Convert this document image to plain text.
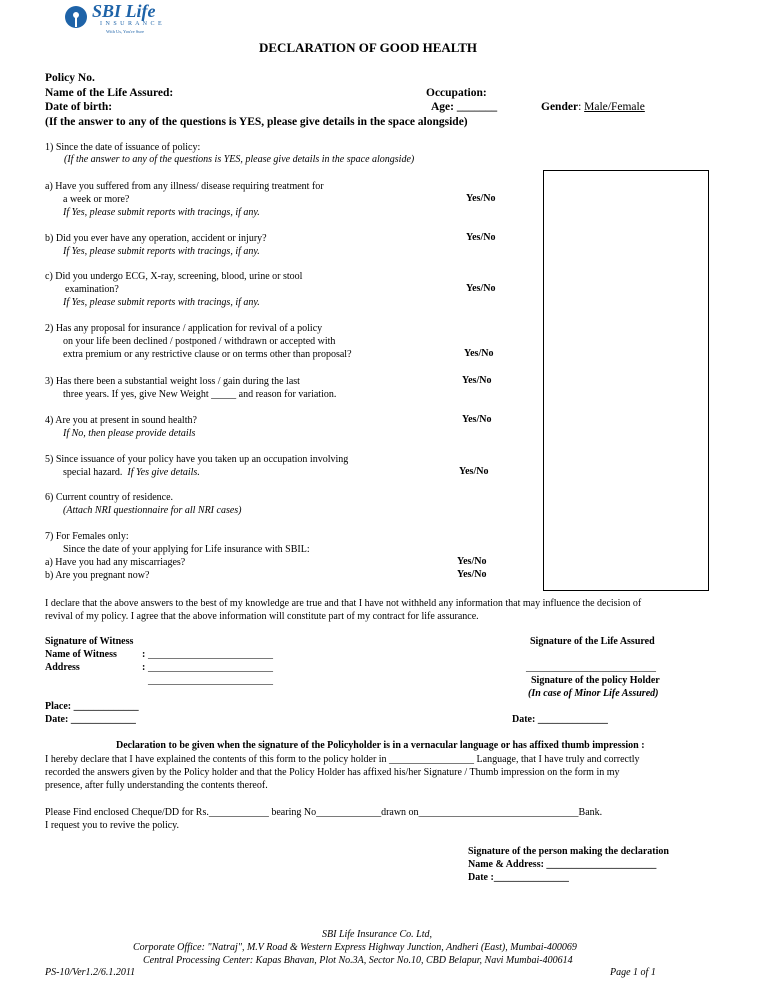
SBI Life
I N S U R A N C E
With Us, You're Sure
DECLARATION OF GOOD HEALTH
Policy No.
Name of the Life Assured:	Occupation:
Date of birth:	Age: _______	Gender: Male/Female
(If the answer to any of the questions is YES, please give details in the space alongside)
1) Since the date of issuance of policy:
(If the answer to any of the questions is YES, please give details in the space alongside)
a) Have you suffered from any illness/ disease requiring treatment for
a week or more?
If Yes, please submit reports with tracings, if any.
Yes/No
b) Did you ever have any operation, accident or injury?
If Yes, please submit reports with tracings, if any.
Yes/No
c) Did you undergo ECG, X-ray, screening, blood, urine or stool
examination?
If Yes, please submit reports with tracings, if any.
Yes/No
2) Has any proposal for insurance / application for revival of a policy
on your life been declined / postponed / withdrawn or accepted with
extra premium or any restrictive clause or on terms other than proposal?	Yes/No
3) Has there been a substantial weight loss / gain during the last
three years. If yes, give New Weight _____ and reason for variation.
Yes/No
4) Are you at present in sound health?
If No, then please provide details
Yes/No
5) Since issuance of your policy have you taken up an occupation involving
special hazard. If Yes give details.	Yes/No
6) Current country of residence.
(Attach NRI questionnaire for all NRI cases)
7) For Females only:
Since the date of your applying for Life insurance with SBIL:
a) Have you had any miscarriages?
b) Are you pregnant now?
Yes/No
Yes/No
I declare that the above answers to the best of my knowledge are true and that I have not withheld any information that may influence the decision of
revival of my policy. I agree that the above information will constitute part of my contract for life assurance.
Signature of Witness
Name of Witness	: _________________________
Address	: _________________________
_________________________
Place: _____________
Date: _____________
Signature of the Life Assured
__________________________
Signature of the policy Holder
(In case of Minor Life Assured)
Date: ______________
Declaration to be given when the signature of the Policyholder is in a vernacular language or has affixed thumb impression :
I hereby declare that I have explained the contents of this form to the policy holder in _________________ Language, that I have truly and correctly
recorded the answers given by the Policy holder and that the Policy Holder has affixed his/her Signature / Thumb impression on the form in my
presence, after fully understanding the contents thereof.
Please Find enclosed Cheque/DD for Rs.____________ bearing No_____________drawn on________________________________Bank.
I request you to revive the policy.
Signature of the person making the declaration
Name & Address: ______________________
Date :_______________
SBI Life Insurance Co. Ltd,
Corporate Office: "Natraj", M.V Road & Western Express Highway Junction, Andheri (East), Mumbai-400069
Central Processing Center: Kapas Bhavan, Plot No.3A, Sector No.10, CBD Belapur, Navi Mumbai-400614
PS-10/Ver1.2/6.1.2011	Page 1 of 1
